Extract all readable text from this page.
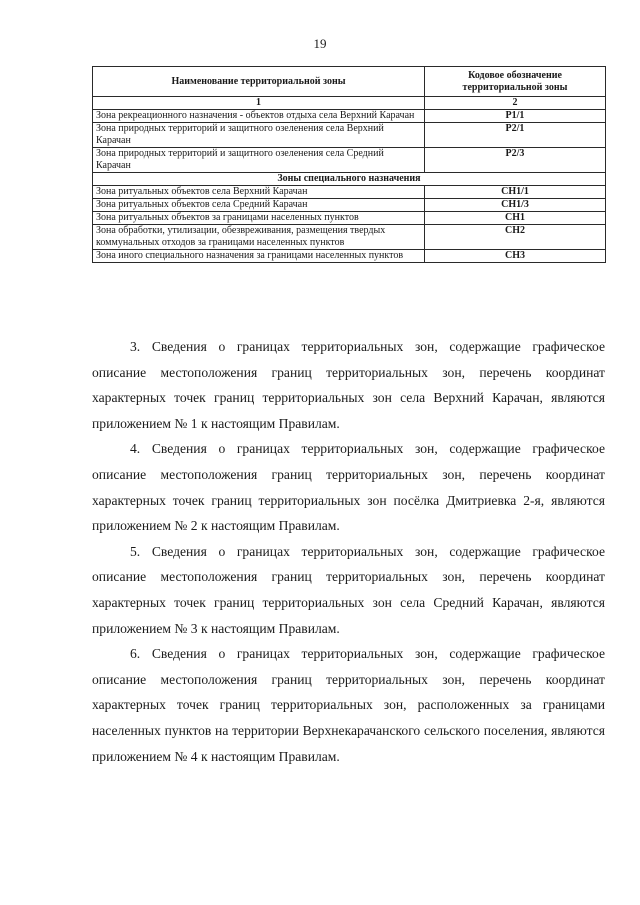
19
Наименование территориальной зоны	Кодовое обозначение территориальной зоны
1	2
Зона рекреационного назначения - объектов отдыха села Верхний Карачан	Р1/1
Зона природных территорий и защитного озеленения села Верхний Карачан	Р2/1
Зона природных территорий и защитного озеленения села Средний Карачан	Р2/3
Зоны специального назначения	
Зона ритуальных объектов села Верхний Карачан	СН1/1
Зона ритуальных объектов села Средний Карачан	СН1/3
Зона ритуальных объектов за границами населенных пунктов	СН1
Зона обработки, утилизации, обезвреживания, размещения твердых коммунальных отходов за границами населенных пунктов	СН2
Зона иного специального назначения за границами населенных пунктов	СН3

3. Сведения о границах территориальных зон, содержащие графическое описание местоположения границ территориальных зон, перечень координат характерных точек границ территориальных зон села Верхний Карачан, являются приложением № 1 к настоящим Правилам.

4. Сведения о границах территориальных зон, содержащие графическое описание местоположения границ территориальных зон, перечень координат характерных точек границ территориальных зон посёлка Дмитриевка 2-я, являются приложением № 2 к настоящим Правилам.

5. Сведения о границах территориальных зон, содержащие графическое описание местоположения границ территориальных зон, перечень координат характерных точек границ территориальных зон села Средний Карачан, являются приложением № 3 к настоящим Правилам.

6. Сведения о границах территориальных зон, содержащие графическое описание местоположения границ территориальных зон, перечень координат характерных точек границ территориальных зон, расположенных за границами населенных пунктов на территории Верхнекарачанского сельского поселения, являются приложением № 4 к настоящим Правилам.
